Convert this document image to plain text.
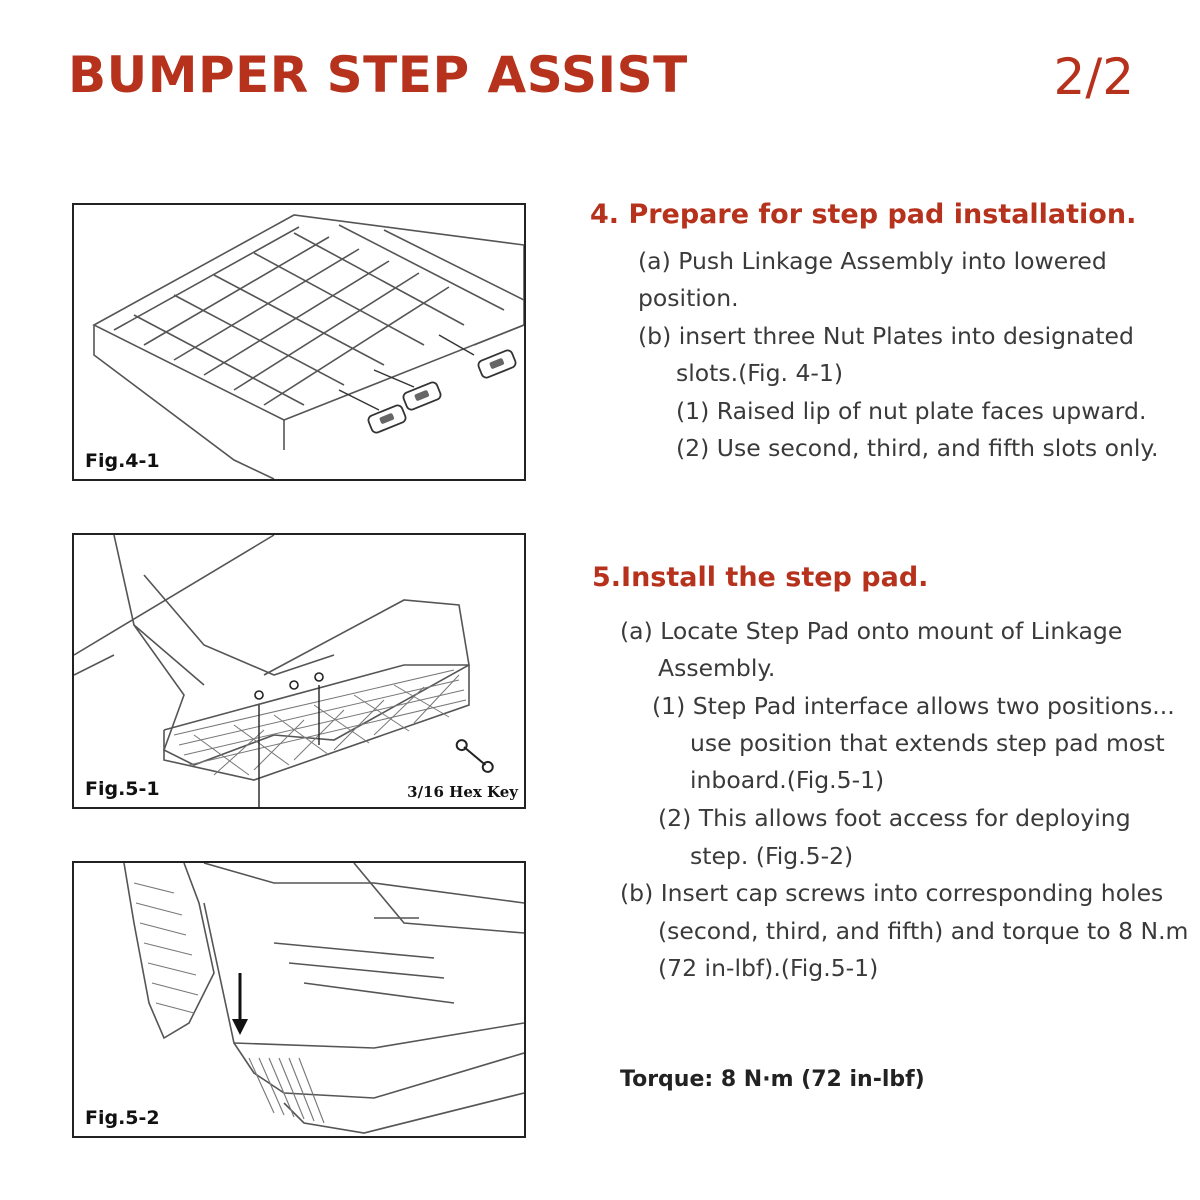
BUMPER STEP ASSIST	2/2
Fig.4-1
Fig.5-1	3/16 Hex Key
Fig.5-2
4. Prepare for step pad installation.
(a) Push Linkage Assembly into lowered
position.
(b) insert three Nut Plates into designated
slots.(Fig. 4-1)
(1) Raised lip of nut plate faces upward.
(2) Use second, third, and fifth slots only.
5.Install the step pad.
(a) Locate Step Pad onto mount of Linkage
Assembly.
(1) Step Pad interface allows two positions...
use position that extends step pad most
inboard.(Fig.5-1)
(2) This allows foot access for deploying
step. (Fig.5-2)
(b) Insert cap screws into corresponding holes
(second, third, and fifth) and torque to 8 N.m
(72 in-lbf).(Fig.5-1)
Torque: 8 N·m (72 in-lbf)
